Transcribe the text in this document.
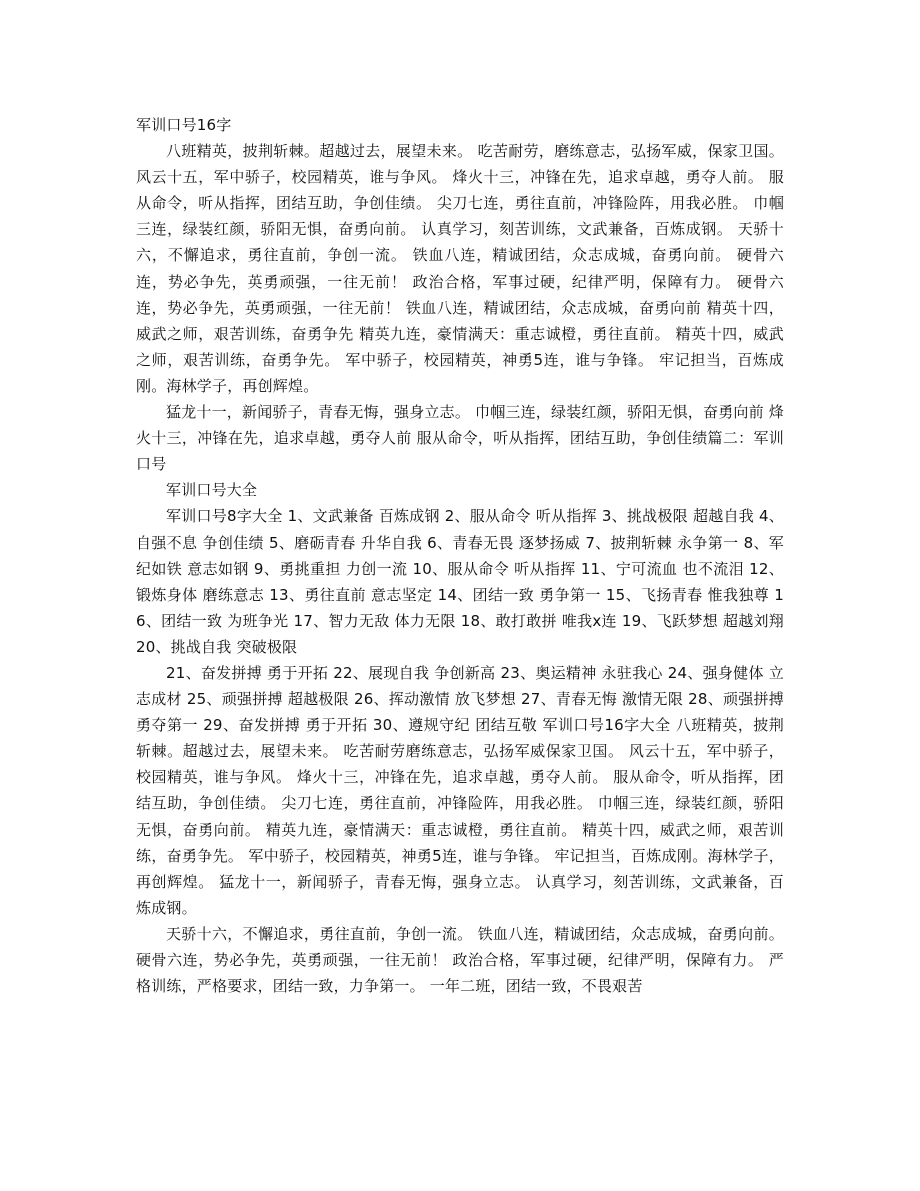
军训口号16字

八班精英，披荆斩棘。超越过去，展望未来。 吃苦耐劳，磨练意志，弘扬军威，保家卫国。 风云十五，军中骄子，校园精英，谁与争风。 烽火十三，冲锋在先，追求卓越，勇夺人前。 服从命令，听从指挥，团结互助，争创佳绩。 尖刀七连，勇往直前，冲锋险阵，用我必胜。 巾帼三连，绿装红颜，骄阳无惧，奋勇向前。 认真学习，刻苦训练，文武兼备，百炼成钢。 天骄十六，不懈追求，勇往直前，争创一流。 铁血八连，精诚团结，众志成城，奋勇向前。 硬骨六连，势必争先，英勇顽强，一往无前！ 政治合格，军事过硬，纪律严明，保障有力。 硬骨六连，势必争先，英勇顽强，一往无前！ 铁血八连，精诚团结，众志成城，奋勇向前 精英十四，威武之师，艰苦训练，奋勇争先 精英九连，豪情满天：重志诚橙，勇往直前。 精英十四，威武之师，艰苦训练，奋勇争先。 军中骄子，校园精英，神勇5连，谁与争锋。 牢记担当，百炼成刚。海林学子，再创辉煌。

猛龙十一，新闻骄子，青春无悔，强身立志。 巾帼三连，绿装红颜，骄阳无惧，奋勇向前 烽火十三，冲锋在先，追求卓越，勇夺人前 服从命令，听从指挥，团结互助，争创佳绩篇二：军训口号

军训口号大全

军训口号8字大全 1、文武兼备 百炼成钢 2、服从命令 听从指挥 3、挑战极限 超越自我 4、自强不息 争创佳绩 5、磨砺青春 升华自我 6、青春无畏 逐梦扬威 7、披荆斩棘 永争第一 8、军纪如铁 意志如钢 9、勇挑重担 力创一流 10、服从命令 听从指挥 11、宁可流血 也不流泪 12、锻炼身体 磨练意志 13、勇往直前 意志坚定 14、团结一致 勇争第一 15、飞扬青春 惟我独尊 16、团结一致 为班争光 17、智力无敌 体力无限 18、敢打敢拼 唯我x连 19、飞跃梦想 超越刘翔 20、挑战自我 突破极限

21、奋发拼搏 勇于开拓 22、展现自我 争创新高 23、奥运精神 永驻我心 24、强身健体 立志成材 25、顽强拼搏 超越极限 26、挥动激情 放飞梦想 27、青春无悔 激情无限 28、顽强拼搏 勇夺第一 29、奋发拼搏 勇于开拓 30、遵规守纪 团结互敬 军训口号16字大全 八班精英，披荆斩棘。超越过去，展望未来。 吃苦耐劳磨练意志，弘扬军威保家卫国。 风云十五，军中骄子，校园精英，谁与争风。 烽火十三，冲锋在先，追求卓越，勇夺人前。 服从命令，听从指挥，团结互助，争创佳绩。 尖刀七连，勇往直前，冲锋险阵，用我必胜。 巾帼三连，绿装红颜，骄阳无惧，奋勇向前。 精英九连，豪情满天：重志诚橙，勇往直前。 精英十四，威武之师，艰苦训练，奋勇争先。 军中骄子，校园精英，神勇5连，谁与争锋。 牢记担当，百炼成刚。海林学子，再创辉煌。 猛龙十一，新闻骄子，青春无悔，强身立志。 认真学习，刻苦训练，文武兼备，百炼成钢。

天骄十六，不懈追求，勇往直前，争创一流。 铁血八连，精诚团结，众志成城，奋勇向前。 硬骨六连，势必争先，英勇顽强，一往无前！ 政治合格，军事过硬，纪律严明，保障有力。 严格训练，严格要求，团结一致，力争第一。 一年二班，团结一致，不畏艰苦
